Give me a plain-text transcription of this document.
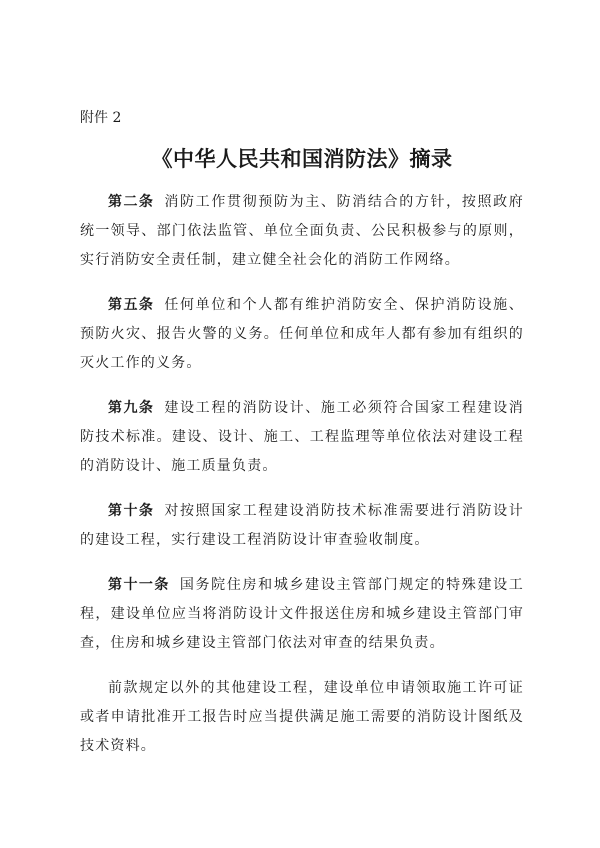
附件 2

《中华人民共和国消防法》摘录

第二条 消防工作贯彻预防为主、防消结合的方针，按照政府统一领导、部门依法监管、单位全面负责、公民积极参与的原则，实行消防安全责任制，建立健全社会化的消防工作网络。

第五条 任何单位和个人都有维护消防安全、保护消防设施、预防火灾、报告火警的义务。任何单位和成年人都有参加有组织的灭火工作的义务。

第九条 建设工程的消防设计、施工必须符合国家工程建设消防技术标准。建设、设计、施工、工程监理等单位依法对建设工程的消防设计、施工质量负责。

第十条 对按照国家工程建设消防技术标准需要进行消防设计的建设工程，实行建设工程消防设计审查验收制度。

第十一条 国务院住房和城乡建设主管部门规定的特殊建设工程，建设单位应当将消防设计文件报送住房和城乡建设主管部门审查，住房和城乡建设主管部门依法对审查的结果负责。

前款规定以外的其他建设工程，建设单位申请领取施工许可证或者申请批准开工报告时应当提供满足施工需要的消防设计图纸及技术资料。
